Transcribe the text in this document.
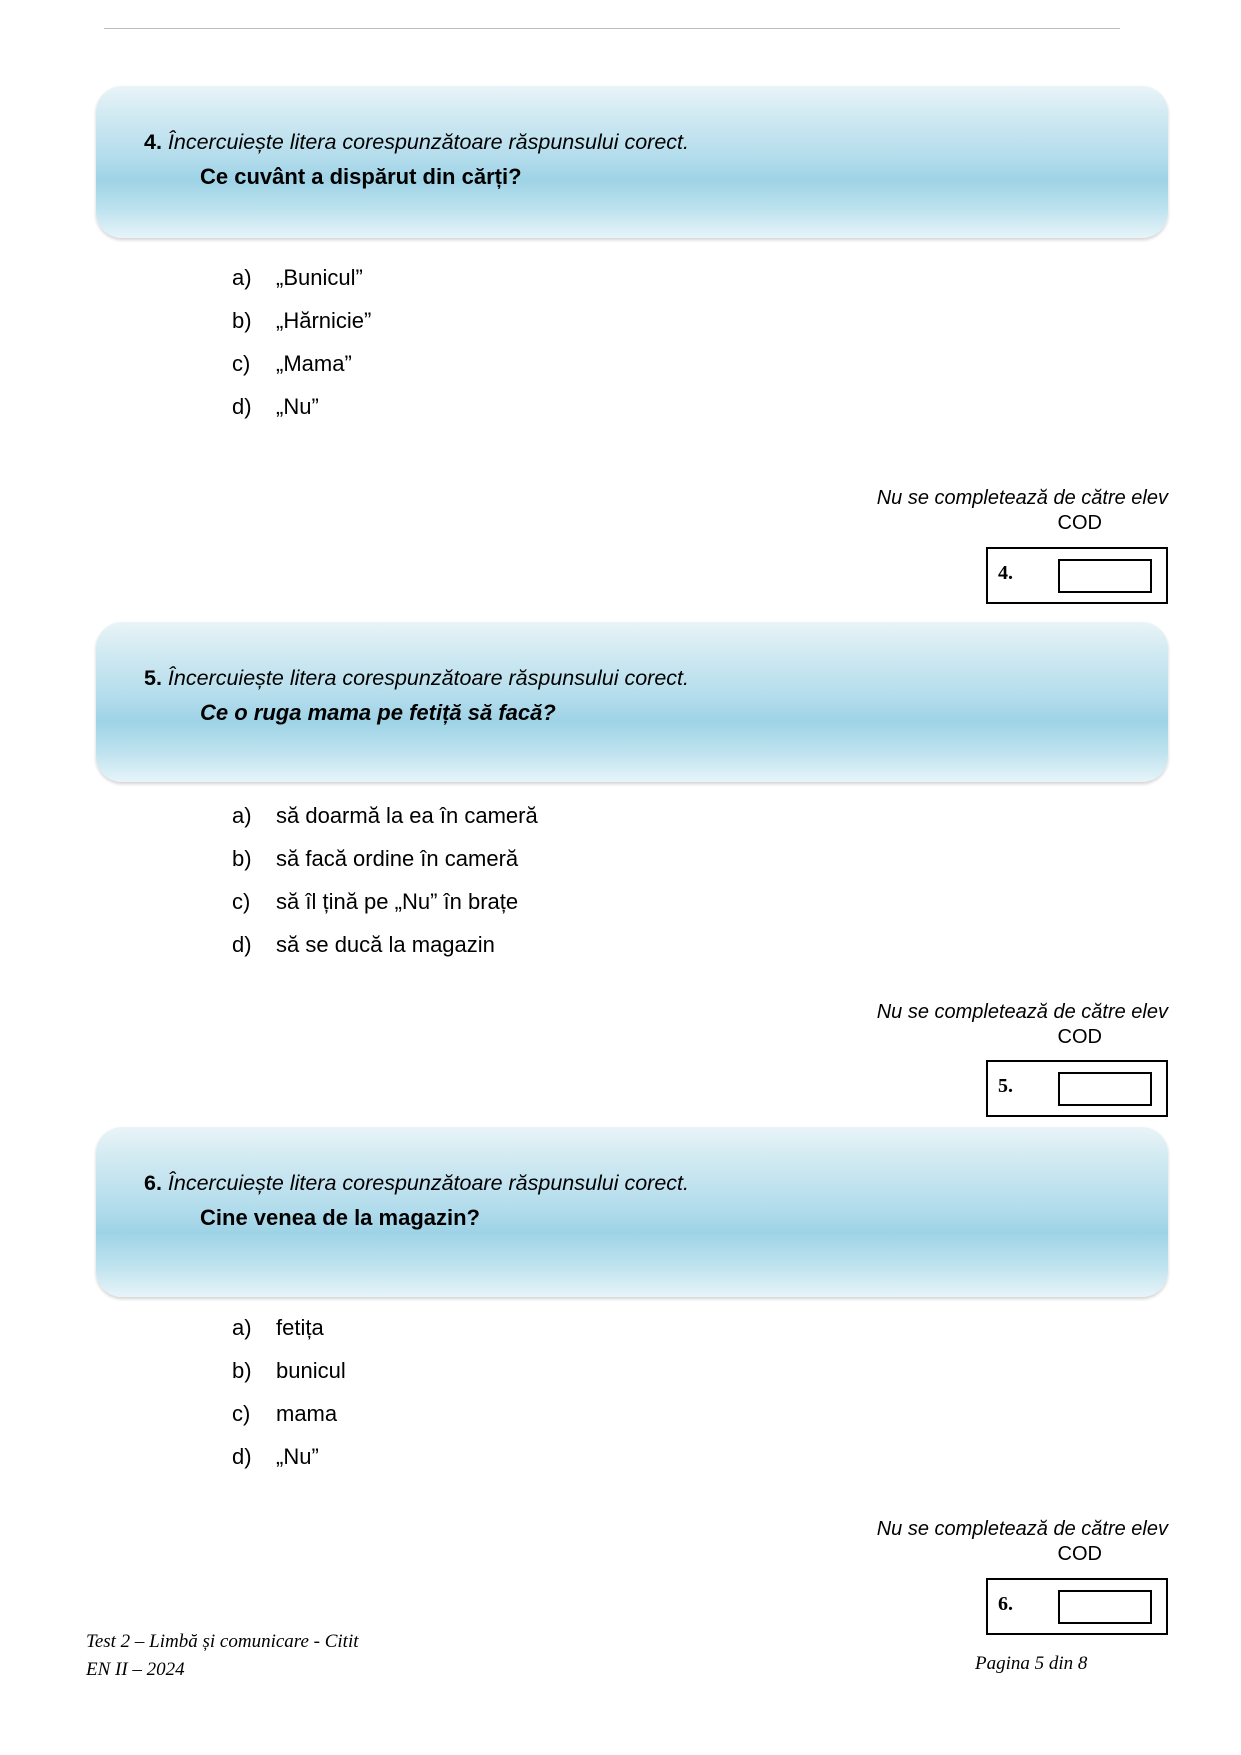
4. Încercuiește litera corespunzătoare răspunsului corect.
Ce cuvânt a dispărut din cărți?
a)	„Bunicul”
b)	„Hărnicie”
c)	„Mama”
d)	„Nu”
Nu se completează de către elev
COD
4.
5. Încercuiește litera corespunzătoare răspunsului corect.
Ce o ruga mama pe fetiță să facă?
a)	să doarmă la ea în cameră
b)	să facă ordine în cameră
c)	să îl țină pe „Nu” în brațe
d)	să se ducă la magazin
Nu se completează de către elev
COD
5.
6. Încercuiește litera corespunzătoare răspunsului corect.
Cine venea de la magazin?
a)	fetița
b)	bunicul
c)	mama
d)	„Nu”
Nu se completează de către elev
COD
6.
Test 2 – Limbă și comunicare - Citit
EN II – 2024	Pagina 5 din 8
